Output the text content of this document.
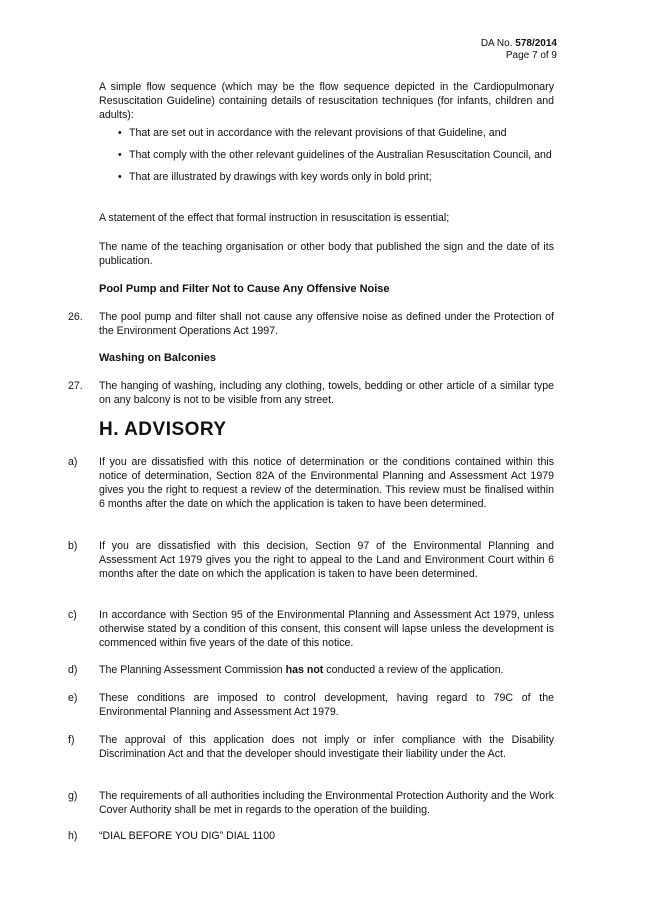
DA No. 578/2014
Page 7 of 9

A simple flow sequence (which may be the flow sequence depicted in the Cardiopulmonary Resuscitation Guideline) containing details of resuscitation techniques (for infants, children and adults):

• That are set out in accordance with the relevant provisions of that Guideline, and
• That comply with the other relevant guidelines of the Australian Resuscitation Council, and
• That are illustrated by drawings with key words only in bold print;

A statement of the effect that formal instruction in resuscitation is essential;

The name of the teaching organisation or other body that published the sign and the date of its publication.

Pool Pump and Filter Not to Cause Any Offensive Noise

26.	The pool pump and filter shall not cause any offensive noise as defined under the Protection of the Environment Operations Act 1997.

Washing on Balconies

27.	The hanging of washing, including any clothing, towels, bedding or other article of a similar type on any balcony is not to be visible from any street.
H. ADVISORY
a)	If you are dissatisfied with this notice of determination or the conditions contained within this notice of determination, Section 82A of the Environmental Planning and Assessment Act 1979 gives you the right to request a review of the determination. This review must be finalised within 6 months after the date on which the application is taken to have been determined.
b)	If you are dissatisfied with this decision, Section 97 of the Environmental Planning and Assessment Act 1979 gives you the right to appeal to the Land and Environment Court within 6 months after the date on which the application is taken to have been determined.
c)	In accordance with Section 95 of the Environmental Planning and Assessment Act 1979, unless otherwise stated by a condition of this consent, this consent will lapse unless the development is commenced within five years of the date of this notice.
d)	The Planning Assessment Commission has not conducted a review of the application.
e)	These conditions are imposed to control development, having regard to 79C of the Environmental Planning and Assessment Act 1979.
f)	The approval of this application does not imply or infer compliance with the Disability Discrimination Act and that the developer should investigate their liability under the Act.
g)	The requirements of all authorities including the Environmental Protection Authority and the Work Cover Authority shall be met in regards to the operation of the building.
h)	“DIAL BEFORE YOU DIG” DIAL 1100
